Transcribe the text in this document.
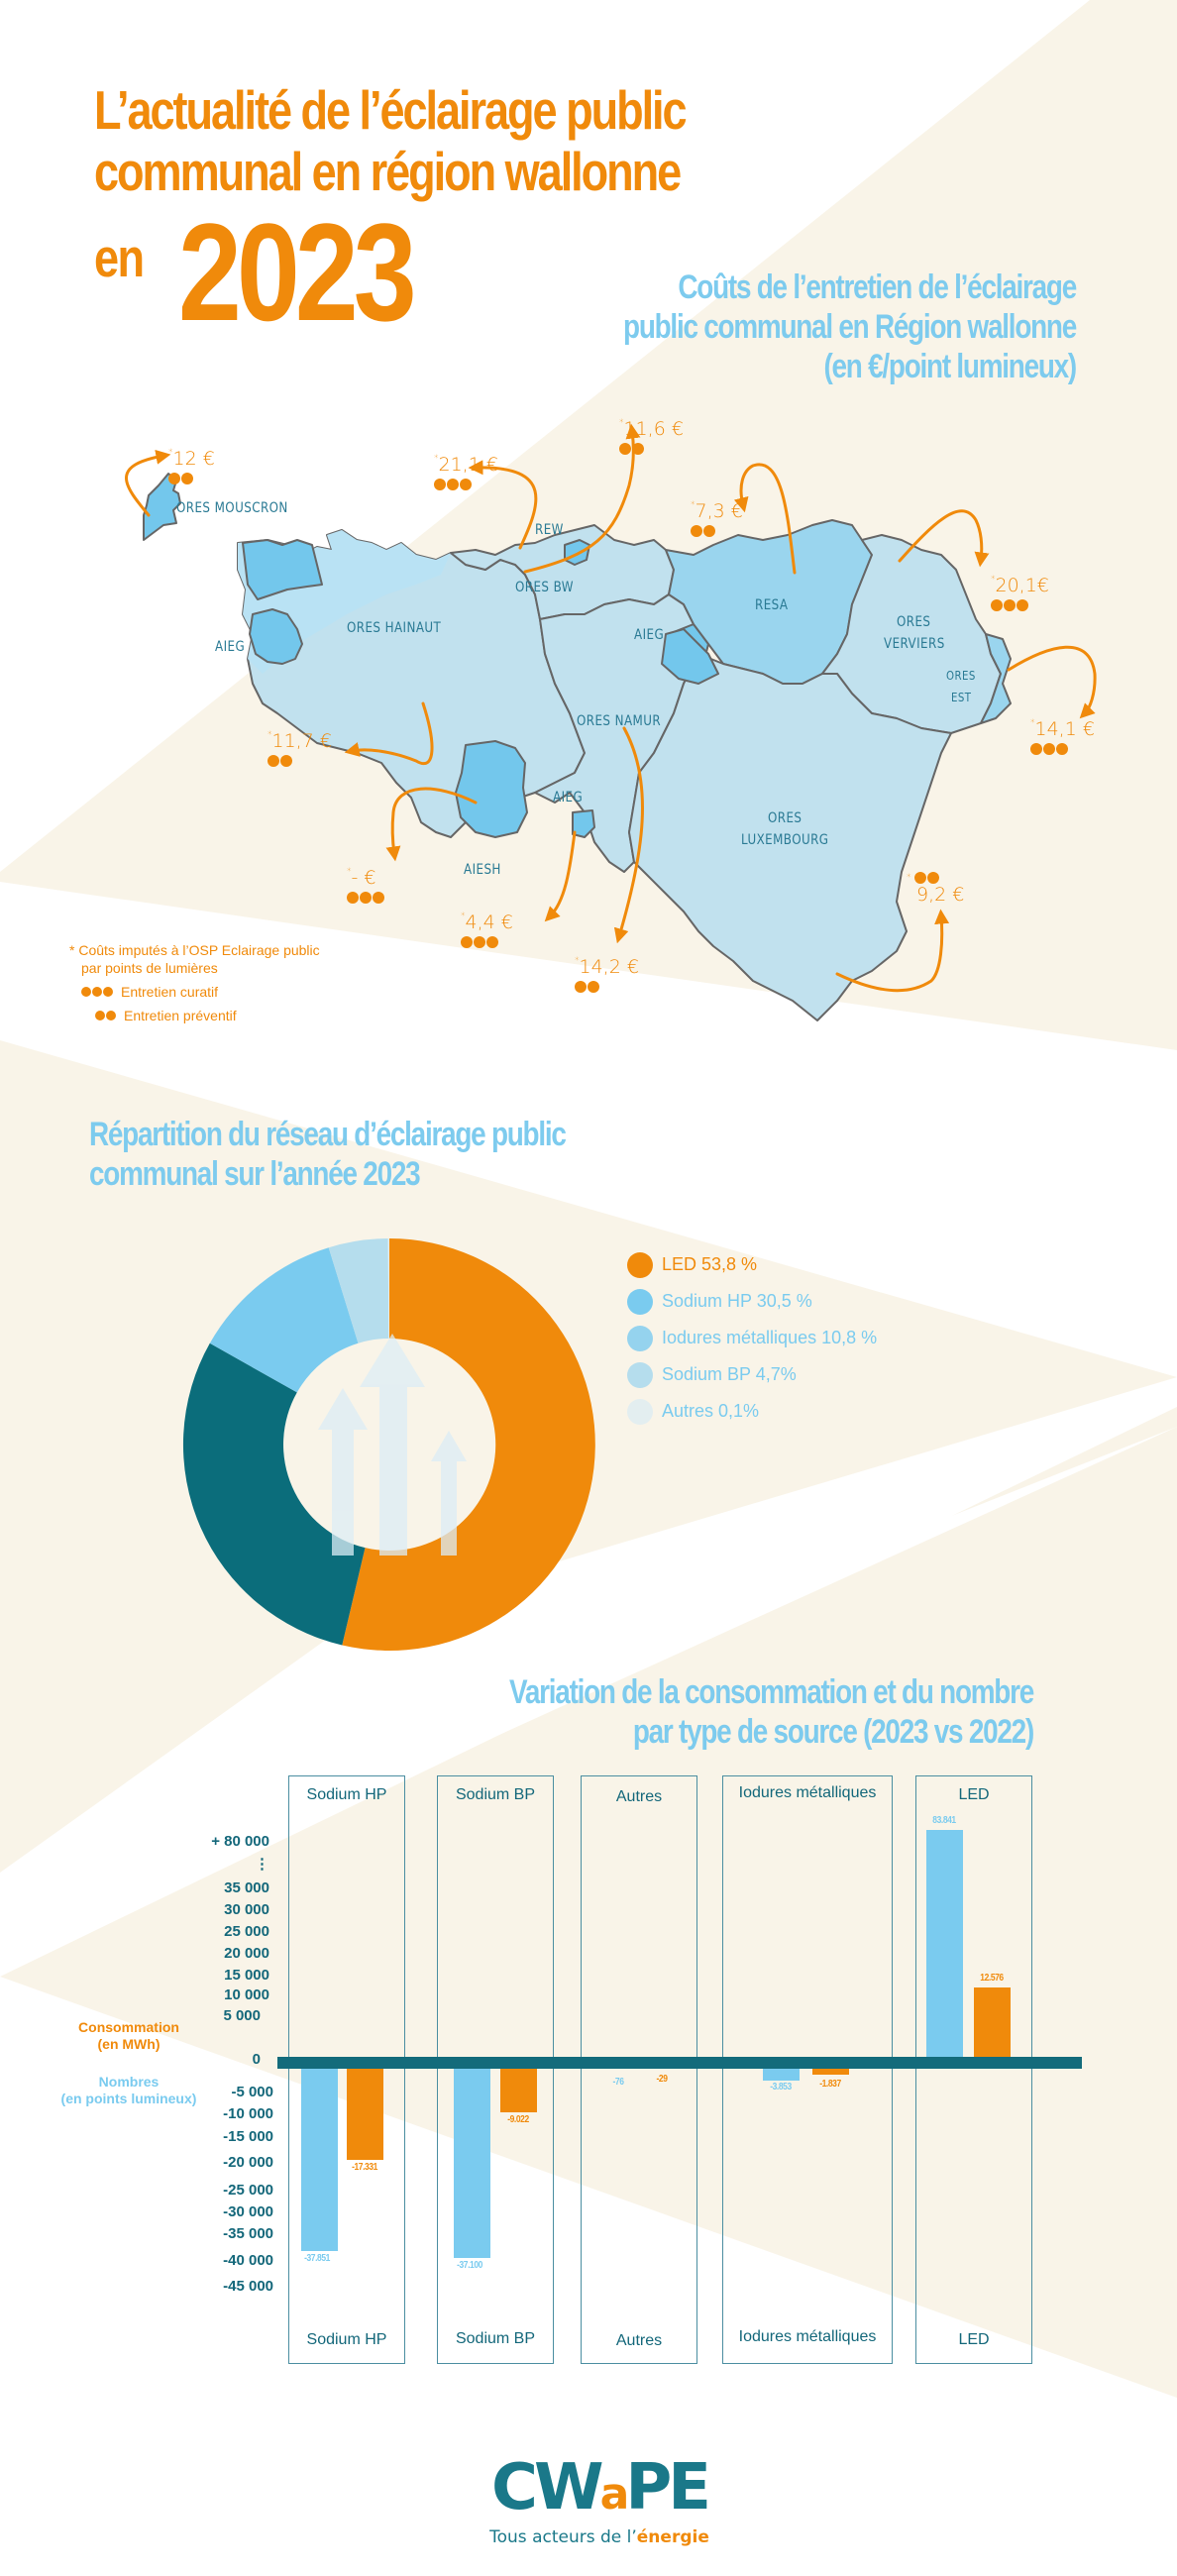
L’actualité de l’éclairage public
communal en région wallonne
en 2023	Coûts de l’entretien de l’éclairage
public communal en Région wallonne
(en €/point lumineux)
ORES MOUSCRON
REW
ORES BW
RESA
ORES
VERVIERS
ORES
EST
ORES HAINAUT
AIEG
AIEG
AIEG
ORES NAMUR
ORES
LUXEMBOURG
AIESH
*12 €	*21,1 €
*11,6 €
*7,3 €
*20,1€
*14,1 €
*11,7 €
*- €
*4,4 €
*14,2 €
*
9,2 €
* Coûts imputés à l’OSP Eclairage public
par points de lumières
Entretien curatif
Entretien préventif
Répartition du réseau d’éclairage public
communal sur l’année 2023
LED 53,8 %
Sodium HP 30,5 %
Iodures métalliques 10,8 %
Sodium BP 4,7%
Autres 0,1%
Variation de la consommation et du nombre
par type de source (2023 vs 2022)
+ 80 000
⋮
35 000
30 000
25 000
20 000
15 000
10 000
5 000
0
-5 000
-10 000
-15 000
-20 000
-25 000
-30 000
-35 000
-40 000
-45 000
Consommation
(en MWh)
Nombres
(en points lumineux)
Sodium HP	Sodium BP	Autres	Iodures métalliques	LED
Sodium HP	Sodium BP	Autres	Iodures métalliques	LED
-37.851
-17.331
-37.100
-9.022
-76	-29
-3.853	-1.837
83.841
12.576
CWaPE
Tous acteurs de l’énergie
